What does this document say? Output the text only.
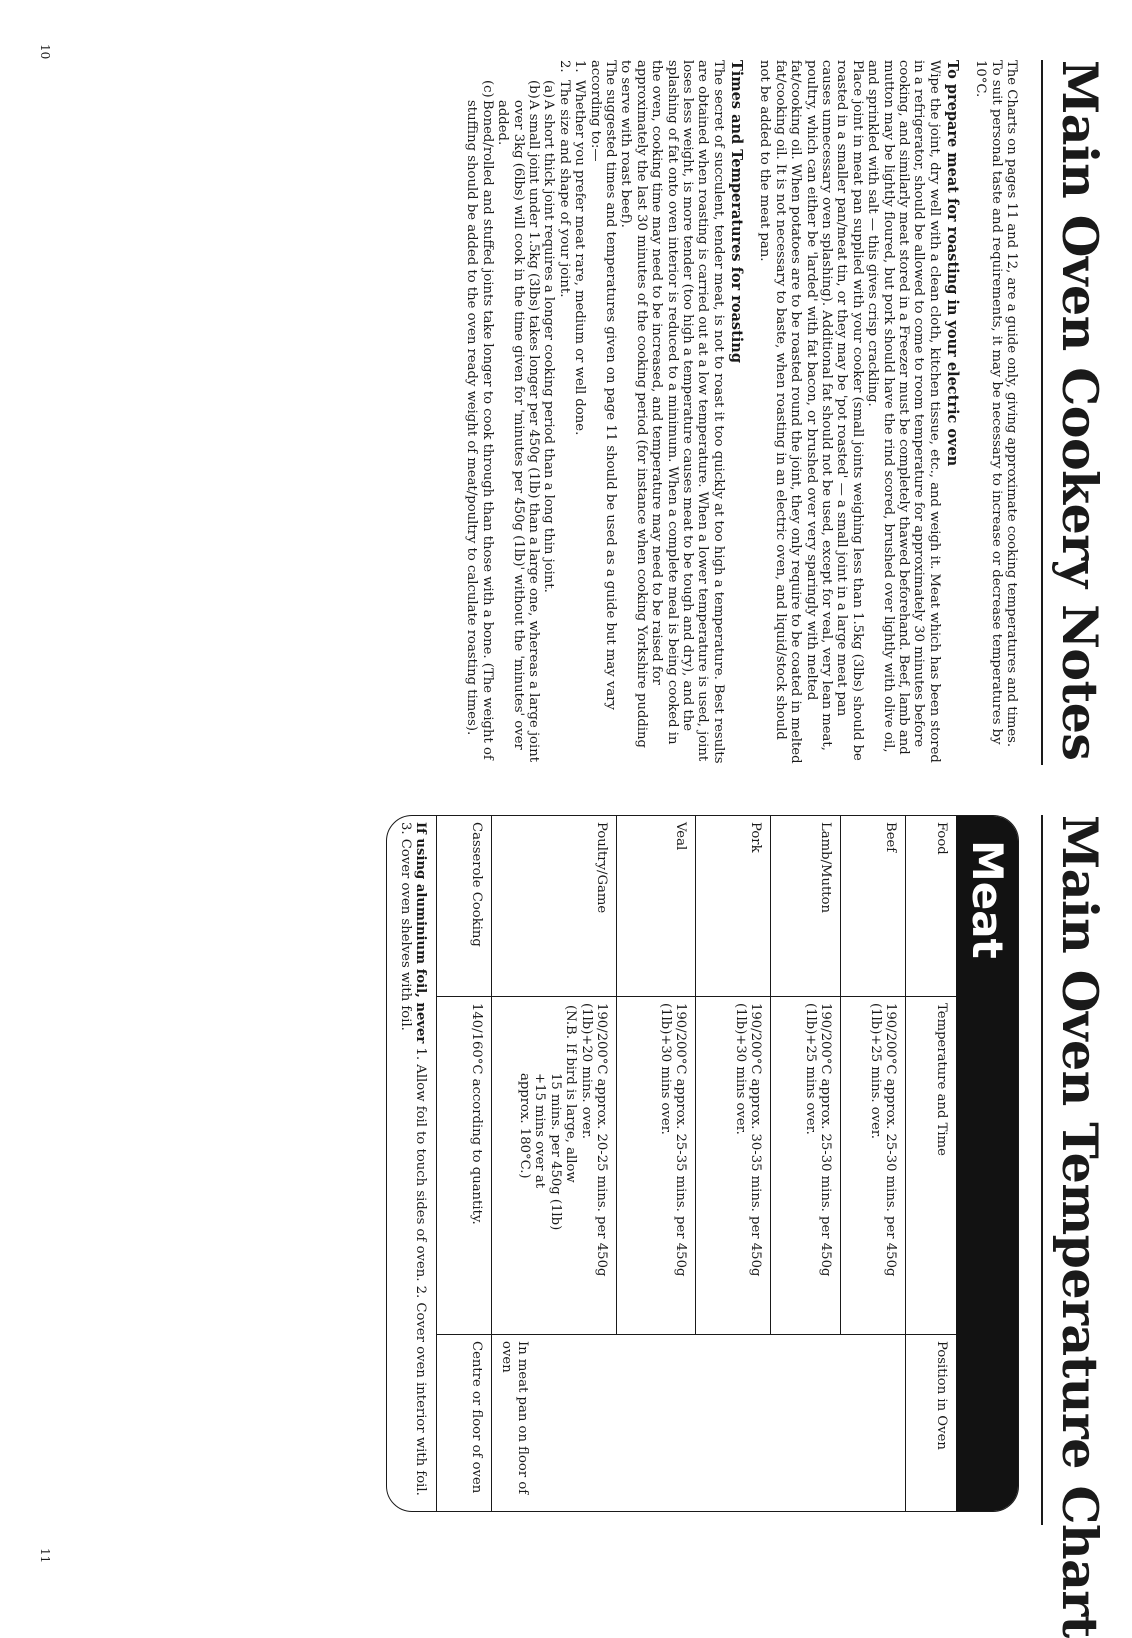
10
11
Main Oven Cookery Notes

The Charts on pages 11 and 12, are a guide only, giving approximate cooking temperatures and times. To suit personal taste and requirements, it may be necessary to increase or decrease temperatures by 10°C.

To prepare meat for roasting in your electric oven

Wipe the joint, dry well with a clean cloth, kitchen tissue, etc., and weigh it. Meat which has been stored in a refrigerator, should be allowed to come to room temperature for approximately 30 minutes before cooking, and similarly meat stored in a Freezer must be completely thawed beforehand. Beef, lamb and mutton may be lightly floured, but pork should have the rind scored, brushed over lightly with olive oil, and sprinkled with salt — this gives crisp crackling.

Place joint in meat pan supplied with your cooker (small joints weighing less than 1.5kg (3lbs) should be roasted in a smaller pan/meat tin, or they may be 'pot roasted' — a small joint in a large meat pan causes unnecessary oven splashing). Additional fat should not be used, except for veal, very lean meat, poultry, which can either be 'larded' with fat bacon, or brushed over very sparingly with melted fat/cooking oil. When potatoes are to be roasted round the joint, they only require to be coated in melted fat/cooking oil. It is not necessary to baste, when roasting in an electric oven, and liquid/stock should not be added to the meat pan.

Times and Temperatures for roasting

The secret of succulent, tender meat, is not to roast it too quickly at too high a temperature. Best results are obtained when roasting is carried out at a low temperature. When a lower temperature is used, joint loses less weight, is more tender (too high a temperature causes meat to be tough and dry), and the splashing of fat onto oven interior is reduced to a minimum. When a complete meal is being cooked in the oven, cooking time may need to be increased, and temperature may need to be raised for approximately the last 30 minutes of the cooking period (for instance when cooking Yorkshire pudding to serve with roast beef).

The suggested times and temperatures given on page 11 should be used as a guide but may vary according to:—

1.
Whether you prefer meat rare, medium or well done.
2.
The size and shape of your joint.
(a)
A short thick joint requires a longer cooking period than a long thin joint.
(b)
A small joint under 1.5kg (3lbs) takes longer per 450g (1lb) than a large one, whereas a large joint over 3kg (6lbs) will cook in the time given for 'minutes per 450g (1lb)' without the 'minutes' over added.
(c)
Boned/rolled and stuffed joints take longer to cook through than those with a bone. (The weight of stuffing should be added to the oven ready weight of meat/poultry to calculate roasting times).
Main Oven Temperature Chart
Meat
Food	Temperature and Time	Position in Oven
Beef	190/200°C approx. 25-30 mins. per 450g (1lb)+25 mins. over.	In meat pan on floor of oven
Lamb/Mutton	190/200°C approx. 25-30 mins. per 450g (1lb)+25 mins over.	
Pork	190/200°C approx. 30-35 mins. per 450g (1lb)+30 mins over.	
Veal	190/200°C approx. 25-35 mins. per 450g (1lb)+30 mins over.	
Poultry/Game	190/200°C approx. 20-25 mins. per 450g (1lb)+20 mins. over.
(N.B. If bird is large, allow
15 mins. per 450g (1lb)
+15 mins over at
approx. 180°C.)	

Casserole Cooking	140/160°C according to quantity.	Centre or floor of oven
If using aluminium foil, never 1. Allow foil to touch sides of oven. 2. Cover oven interior with foil. 3. Cover oven shelves with foil.
